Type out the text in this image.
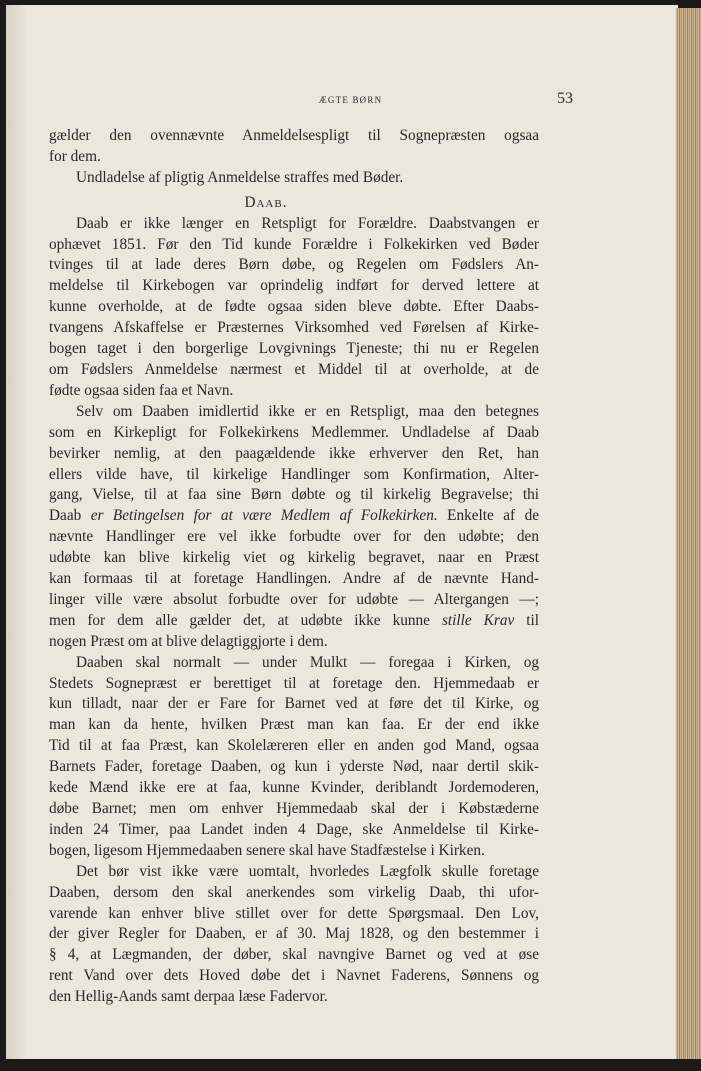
ÆGTE BØRN	53
gælder den ovennævnte Anmeldelsespligt til Sognepræsten ogsaa
for dem.
Undladelse af pligtig Anmeldelse straffes med Bøder.
Daab.
Daab er ikke længer en Retspligt for Forældre. Daabstvangen er
ophævet 1851. Før den Tid kunde Forældre i Folkekirken ved Bøder
tvinges til at lade deres Børn døbe, og Regelen om Fødslers An-
meldelse til Kirkebogen var oprindelig indført for derved lettere at
kunne overholde, at de fødte ogsaa siden bleve døbte. Efter Daabs-
tvangens Afskaffelse er Præsternes Virksomhed ved Førelsen af Kirke-
bogen taget i den borgerlige Lovgivnings Tjeneste; thi nu er Regelen
om Fødslers Anmeldelse nærmest et Middel til at overholde, at de
fødte ogsaa siden faa et Navn.
Selv om Daaben imidlertid ikke er en Retspligt, maa den betegnes
som en Kirkepligt for Folkekirkens Medlemmer. Undladelse af Daab
bevirker nemlig, at den paagældende ikke erhverver den Ret, han
ellers vilde have, til kirkelige Handlinger som Konfirmation, Alter-
gang, Vielse, til at faa sine Børn døbte og til kirkelig Begravelse; thi
Daab er Betingelsen for at være Medlem af Folkekirken. Enkelte af de
nævnte Handlinger ere vel ikke forbudte over for den udøbte; den
udøbte kan blive kirkelig viet og kirkelig begravet, naar en Præst
kan formaas til at foretage Handlingen. Andre af de nævnte Hand-
linger ville være absolut forbudte over for udøbte — Altergangen —;
men for dem alle gælder det, at udøbte ikke kunne stille Krav til
nogen Præst om at blive delagtiggjorte i dem.
Daaben skal normalt — under Mulkt — foregaa i Kirken, og
Stedets Sognepræst er berettiget til at foretage den. Hjemmedaab er
kun tilladt, naar der er Fare for Barnet ved at føre det til Kirke, og
man kan da hente, hvilken Præst man kan faa. Er der end ikke
Tid til at faa Præst, kan Skolelæreren eller en anden god Mand, ogsaa
Barnets Fader, foretage Daaben, og kun i yderste Nød, naar dertil skik-
kede Mænd ikke ere at faa, kunne Kvinder, deriblandt Jordemoderen,
døbe Barnet; men om enhver Hjemmedaab skal der i Købstæderne
inden 24 Timer, paa Landet inden 4 Dage, ske Anmeldelse til Kirke-
bogen, ligesom Hjemmedaaben senere skal have Stadfæstelse i Kirken.
Det bør vist ikke være uomtalt, hvorledes Lægfolk skulle foretage
Daaben, dersom den skal anerkendes som virkelig Daab, thi ufor-
varende kan enhver blive stillet over for dette Spørgsmaal. Den Lov,
der giver Regler for Daaben, er af 30. Maj 1828, og den bestemmer i
§ 4, at Lægmanden, der døber, skal navngive Barnet og ved at øse
rent Vand over dets Hoved døbe det i Navnet Faderens, Sønnens og
den Hellig-Aands samt derpaa læse Fadervor.
